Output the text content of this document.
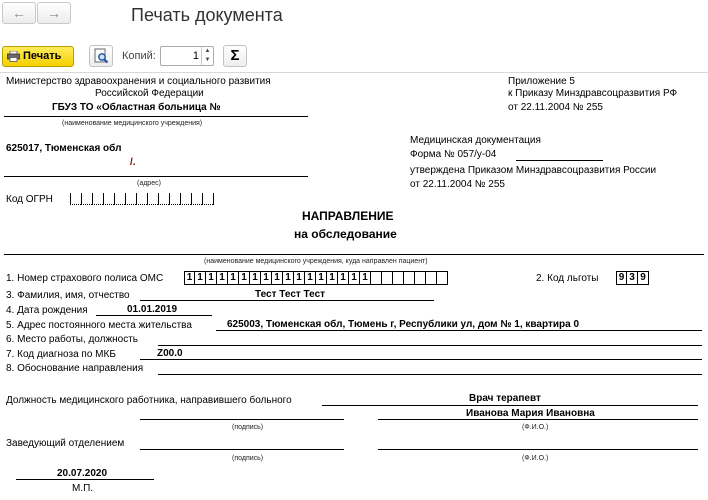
←	→	Печать документа
Печать	Копий:	1 ▲
▼	Σ
Министерство здравоохранения и социального развития
Российской Федерации
ГБУЗ ТО «Областная больница №
(наименование медицинского учреждения)
Приложение 5
к Приказу Минздравсоцразвития РФ
от 22.11.2004 № 255
625017, Тюменская обл
/.
(адрес)
Медицинская документация
Форма № 057/у-04
утверждена Приказом Минздравсоцразвития России
от 22.11.2004 № 255
Код ОГРН
НАПРАВЛЕНИЕ
на обследование
(наименование медицинского учреждения, куда направлен пациент)
1. Номер страхового полиса ОМС 1 1 1 1 1 1 1 1 1 1 1 1 1 1 1 1 1	2. Код льготы 9 3 9
3. Фамилия, имя, отчество	Тест Тест Тест
4. Дата рождения	01.01.2019
5. Адрес постоянного места жительства	625003, Тюменская обл, Тюмень г, Республики ул, дом № 1, квартира 0
6. Место работы, должность
7. Код диагноза по МКБ	Z00.0
8. Обоснование направления
Должность медицинского работника, направившего больного	Врач терапевт
Иванова Мария Ивановна
(подпись)	(Ф.И.О.)
Заведующий отделением
(подпись)	(Ф.И.О.)
20.07.2020
М.П.
